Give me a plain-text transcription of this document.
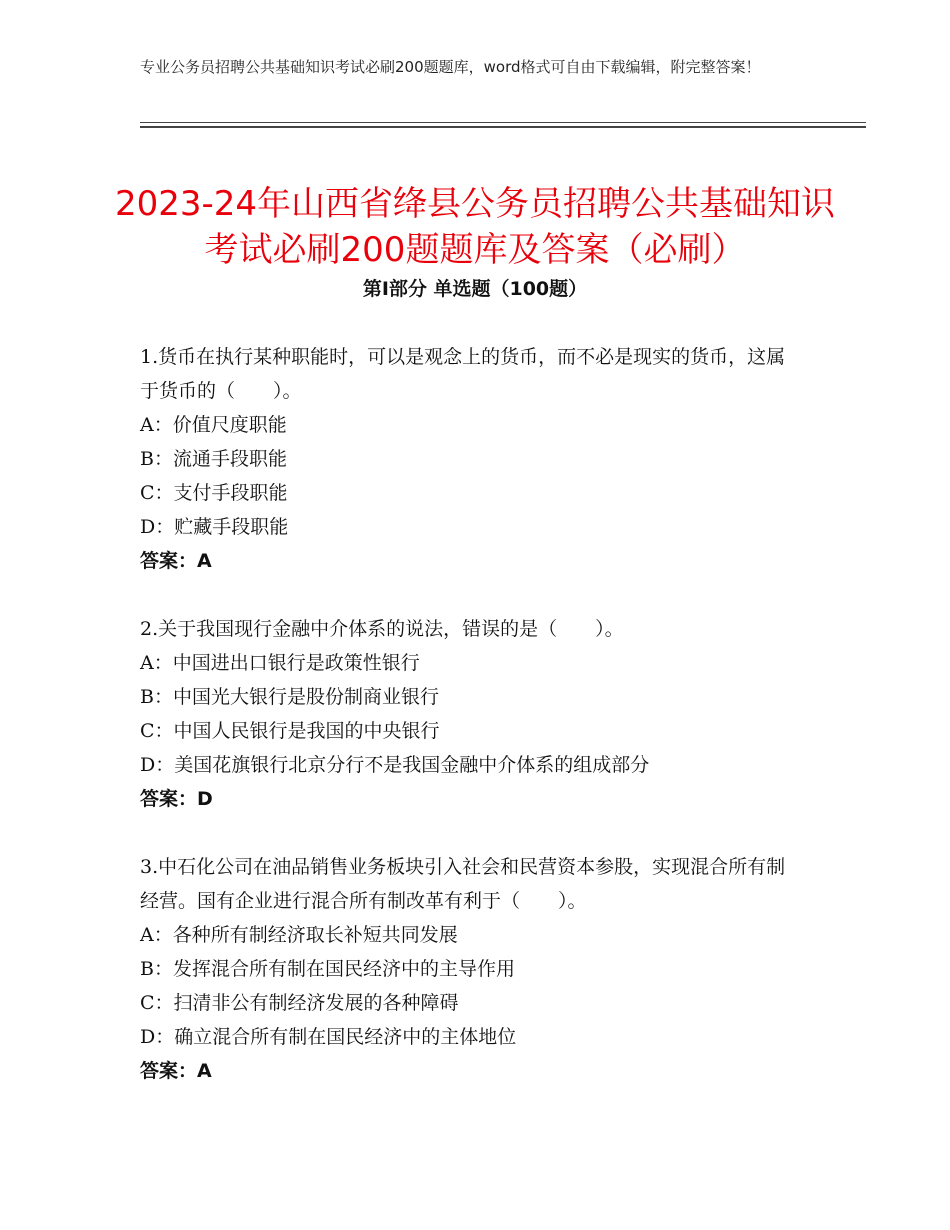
专业公务员招聘公共基础知识考试必刷200题题库，word格式可自由下载编辑，附完整答案！
2023-24年山西省绛县公务员招聘公共基础知识考试必刷200题题库及答案（必刷）
第Ⅰ部分 单选题（100题）

1.货币在执行某种职能时，可以是观念上的货币，而不必是现实的货币，这属于货币的（　　）。

A：价值尺度职能

B：流通手段职能

C：支付手段职能

D：贮藏手段职能

答案：A

2.关于我国现行金融中介体系的说法，错误的是（　　）。

A：中国进出口银行是政策性银行

B：中国光大银行是股份制商业银行

C：中国人民银行是我国的中央银行

D：美国花旗银行北京分行不是我国金融中介体系的组成部分

答案：D

3.中石化公司在油品销售业务板块引入社会和民营资本参股，实现混合所有制经营。国有企业进行混合所有制改革有利于（　　）。

A：各种所有制经济取长补短共同发展

B：发挥混合所有制在国民经济中的主导作用

C：扫清非公有制经济发展的各种障碍

D：确立混合所有制在国民经济中的主体地位

答案：A
